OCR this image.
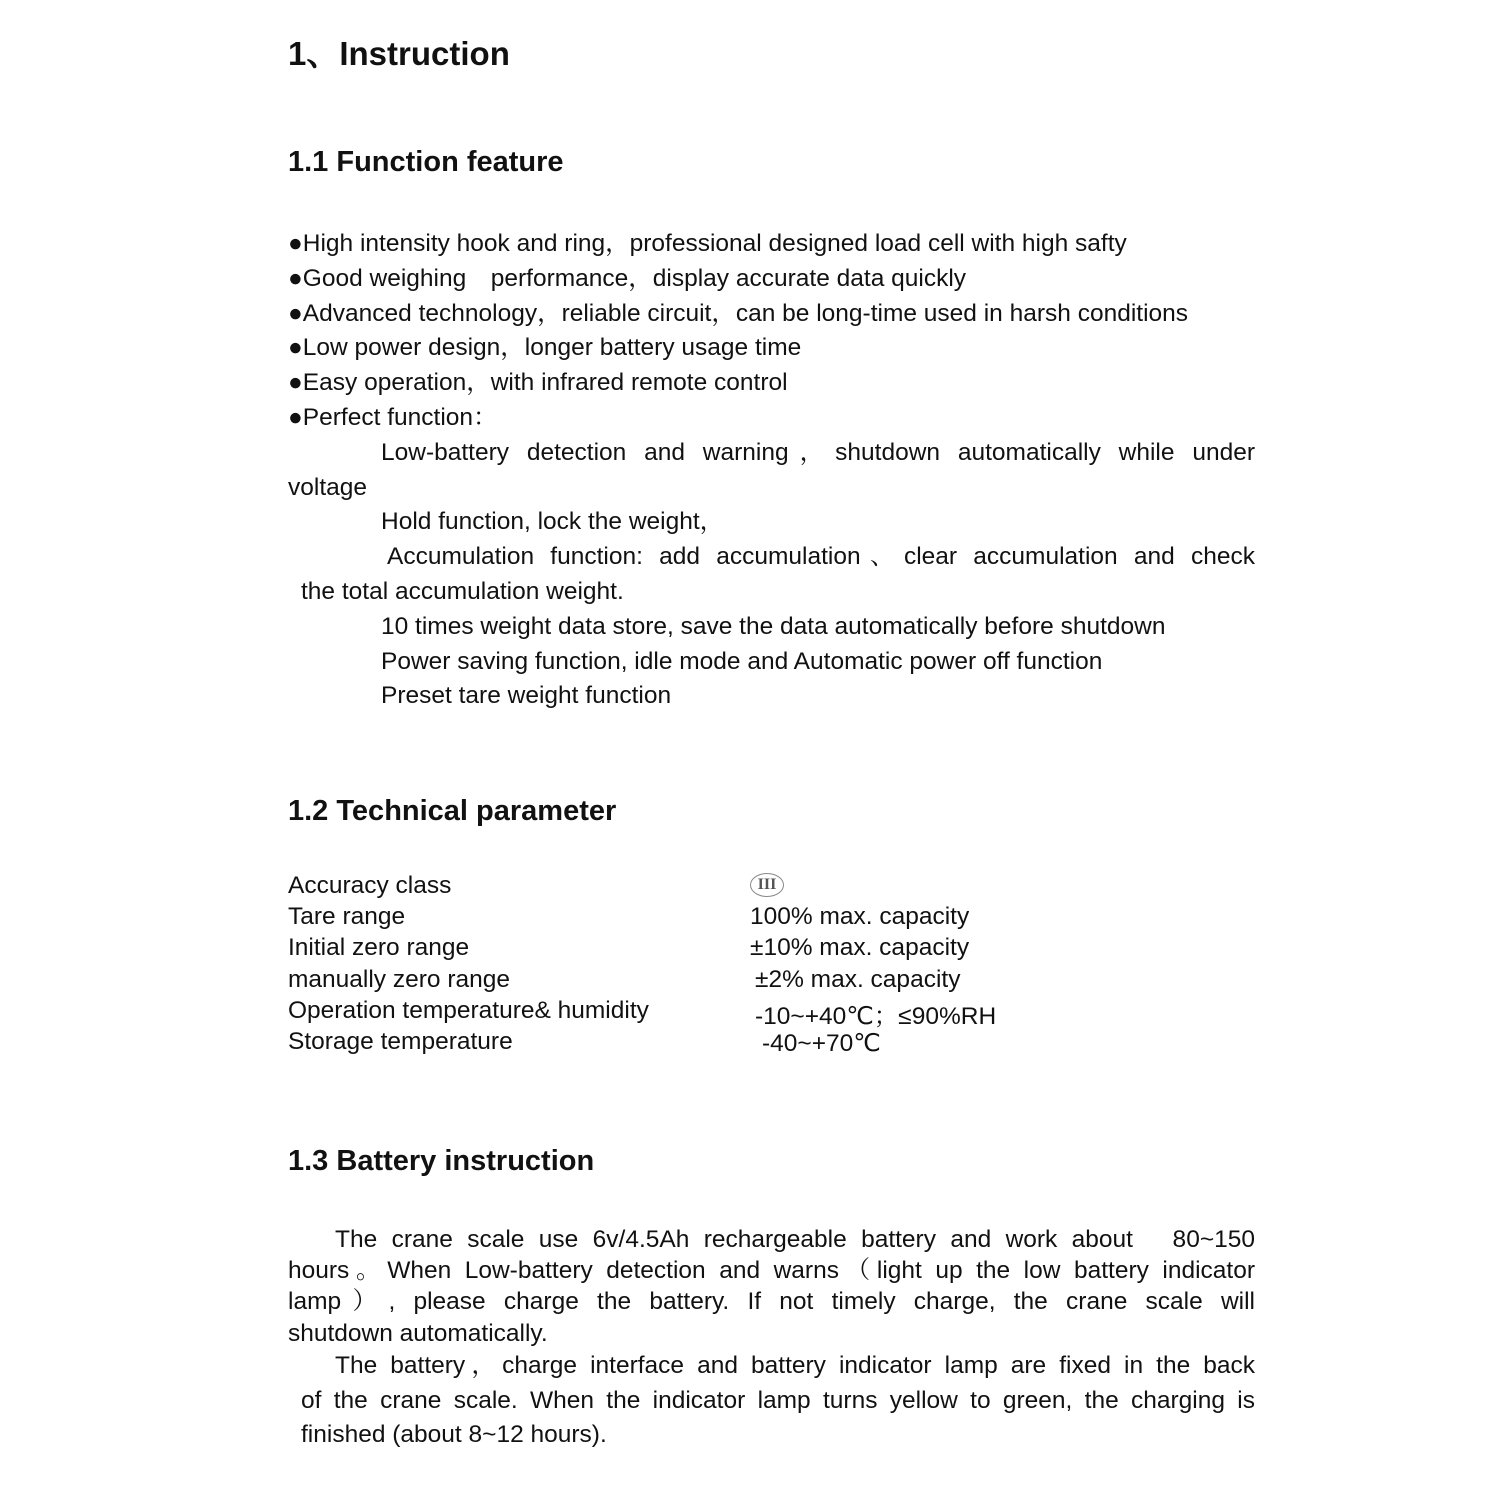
1、Instruction
1.1 Function feature
●High intensity hook and ring，professional designed load cell with high safty
●Good weighing　performance，display accurate data quickly
●Advanced technology，reliable circuit，can be long-time used in harsh conditions
●Low power design，longer battery usage time
●Easy operation，with infrared remote control
●Perfect function：
Low-battery detection and warning，shutdown automatically while under
voltage
Hold function, lock the weight，
Accumulation function: add accumulation、clear accumulation and check
the total accumulation weight.
10 times weight data store, save the data automatically before shutdown
Power saving function, idle mode and Automatic power off function
Preset tare weight function
1.2 Technical parameter
Accuracy class	III
Tare range	100% max. capacity
Initial zero range	±10% max. capacity
manually zero range	±2% max. capacity
Operation temperature& humidity	-10~+40℃；≤90%RH
Storage temperature	-40~+70℃
1.3 Battery instruction
The crane scale use 6v/4.5Ah rechargeable battery and work about　80~150
hours。When Low-battery detection and warns（light up the low battery indicator
lamp）, please charge the battery. If not timely charge, the crane scale will
shutdown automatically.
The battery，charge interface and battery indicator lamp are fixed in the back
of the crane scale. When the indicator lamp turns yellow to green, the charging is
finished (about 8~12 hours).
